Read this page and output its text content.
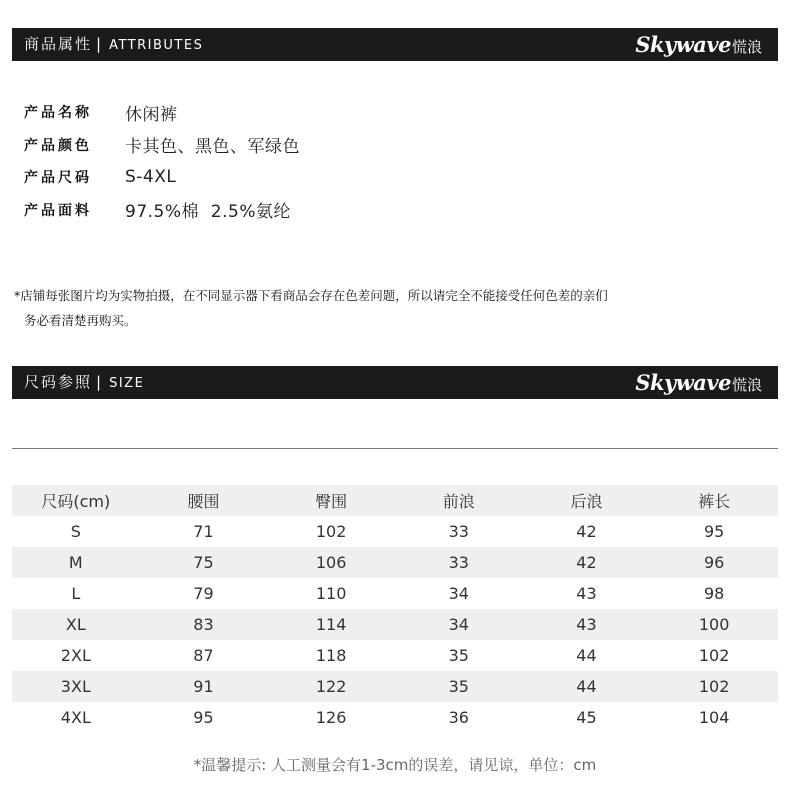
商品属性 | ATTRIBUTES	Skywave慌浪
产品名称	休闲裤
产品颜色	卡其色、黑色、军绿色
产品尺码	S-4XL
产品面料	97.5%棉  2.5%氨纶
*店铺每张图片均为实物拍摄，在不同显示器下看商品会存在色差问题，所以请完全不能接受任何色差的亲们
务必看清楚再购买。
尺码参照 | SIZE	Skywave慌浪
尺码(cm)	腰围	臀围	前浪	后浪	裤长
S	71	102	33	42	95
M	75	106	33	42	96
L	79	110	34	43	98
XL	83	114	34	43	100
2XL	87	118	35	44	102
3XL	91	122	35	44	102
4XL	95	126	36	45	104
*温馨提示: 人工测量会有1-3cm的误差，请见谅，单位：cm
